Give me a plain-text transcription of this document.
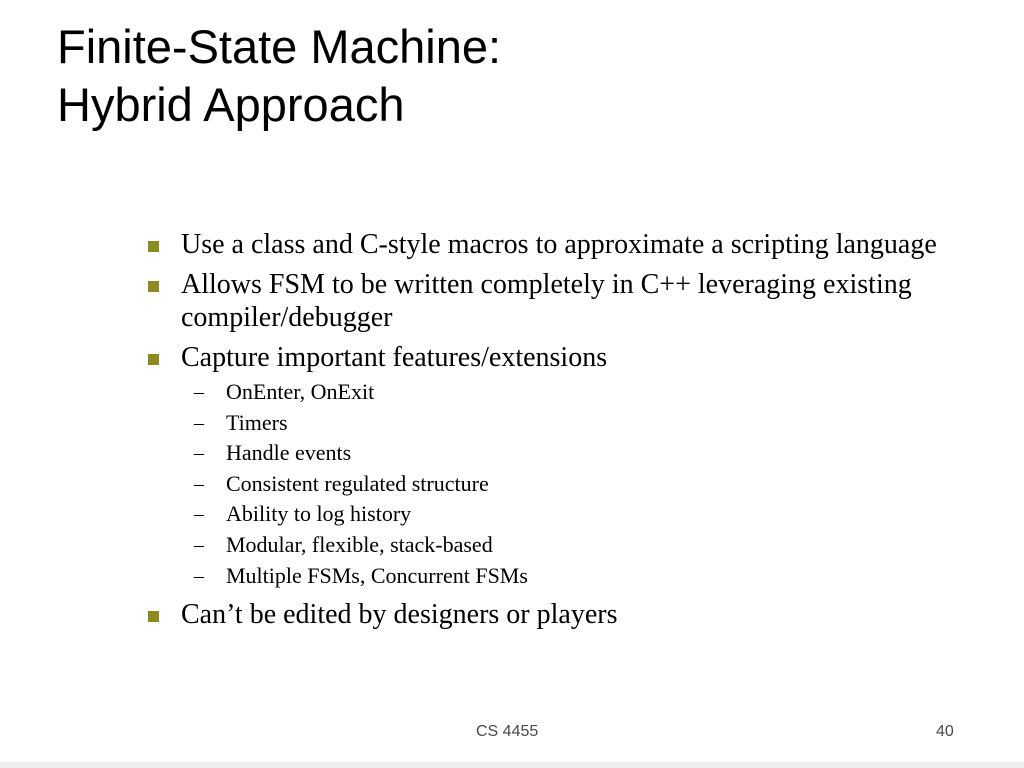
Finite-State Machine:
Hybrid Approach
Use a class and C-style macros to approximate a scripting language
Allows FSM to be written completely in C++ leveraging existing compiler/debugger
Capture important features/extensions
– OnEnter, OnExit
– Timers
– Handle events
– Consistent regulated structure
– Ability to log history
– Modular, flexible, stack-based
– Multiple FSMs, Concurrent FSMs
Can’t be edited by designers or players
CS 4455	40
